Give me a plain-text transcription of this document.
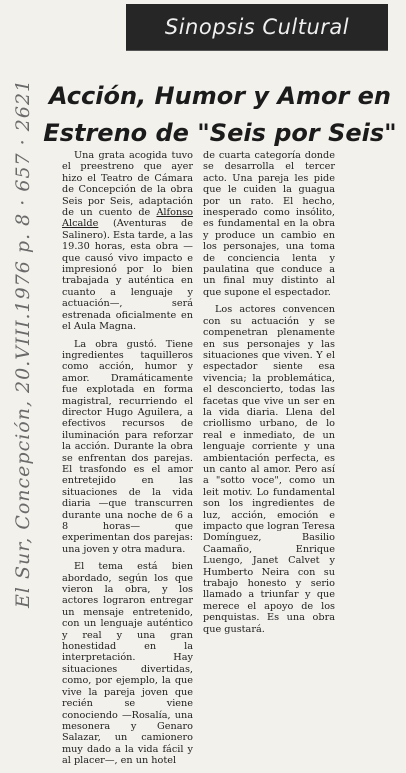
Sinopsis Cultural
Acción, Humor y Amor en
Estreno de "Seis por Seis"
El Sur, Concepción, 20.VIII.1976 p. 8 · 657 · 2621	Una grata acogida tuvo el preestreno que ayer hizo el Teatro de Cámara de Concepción de la obra Seis por Seis, adaptación de un cuento de Alfonso Alcalde (Aventuras de Salinero). Esta tarde, a las 19.30 horas, esta obra —que causó vivo impacto e impresionó por lo bien trabajada y auténtica en cuanto a lenguaje y actuación—, será estrenada oficialmente en el Aula Magna.

La obra gustó. Tiene ingredientes taquilleros como acción, humor y amor. Dramáticamente fue explotada en forma magistral, recurriendo el director Hugo Aguilera, a efectivos recursos de iluminación para reforzar la acción. Durante la obra se enfrentan dos parejas. El trasfondo es el amor entretejido en las situaciones de la vida diaria —que transcurren durante una noche de 6 a 8 horas— que experimentan dos parejas: una joven y otra madura.

El tema está bien abordado, según los que vieron la obra, y los actores lograron entregar un mensaje entretenido, con un lenguaje auténtico y real y una gran honestidad en la interpretación. Hay situaciones divertidas, como, por ejemplo, la que vive la pareja joven que recién se viene conociendo —Rosalía, una mesonera y Genaro Salazar, un camionero muy dado a la vida fácil y al placer—, en un hotel

de cuarta categoría donde se desarrolla el tercer acto. Una pareja les pide que le cuiden la guagua por un rato. El hecho, inesperado como insólito, es fundamental en la obra y produce un cambio en los personajes, una toma de conciencia lenta y paulatina que conduce a un final muy distinto al que supone el espectador.

Los actores convencen con su actuación y se compenetran plenamente en sus personajes y las situaciones que viven. Y el espectador siente esa vivencia; la problemática, el desconcierto, todas las facetas que vive un ser en la vida diaria. Llena del criollismo urbano, de lo real e inmediato, de un lenguaje corriente y una ambientación perfecta, es un canto al amor. Pero así a "sotto voce", como un leit motiv. Lo fundamental son los ingredientes de luz, acción, emoción e impacto que logran Teresa Domínguez, Basilio Caamaño, Enrique Luengo, Janet Calvet y Humberto Neira con su trabajo honesto y serio llamado a triunfar y que merece el apoyo de los penquistas. Es una obra que gustará.
